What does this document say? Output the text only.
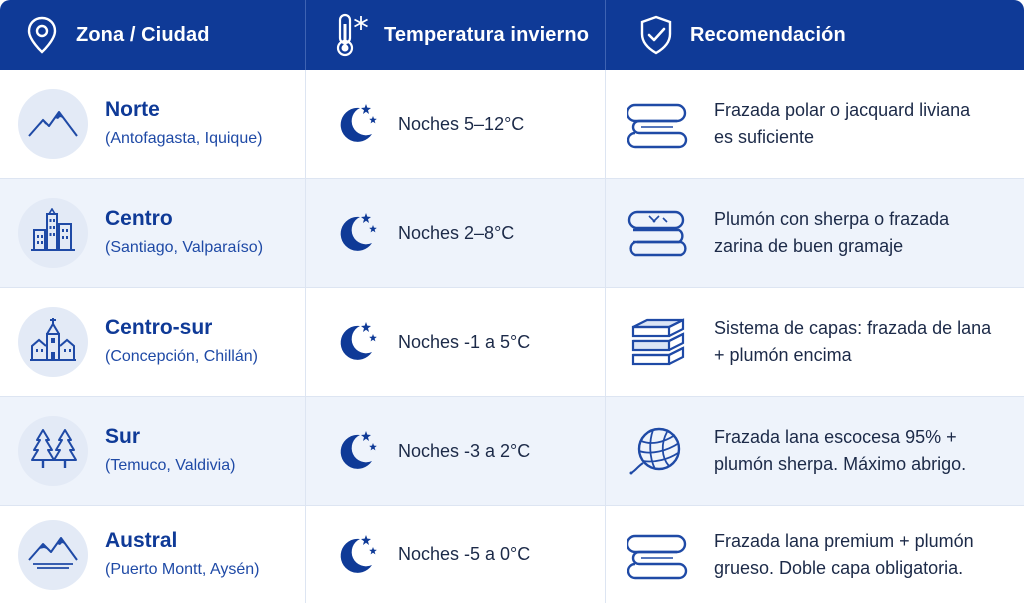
Zona / Ciudad	Temperatura invierno	Recomendación
Norte
(Antofagasta, Iquique)
Noches 5–12°C
Frazada polar o jacquard liviana
es suficiente
Centro
(Santiago, Valparaíso)
Noches 2–8°C
Plumón con sherpa o frazada
zarina de buen gramaje
Centro-sur
(Concepción, Chillán)
Noches -1 a 5°C
Sistema de capas: frazada de lana
+ plumón encima
Sur
(Temuco, Valdivia)
Noches -3 a 2°C
Frazada lana escocesa 95% +
plumón sherpa. Máximo abrigo.
Austral
(Puerto Montt, Aysén)
Noches -5 a 0°C
Frazada lana premium + plumón
grueso. Doble capa obligatoria.
